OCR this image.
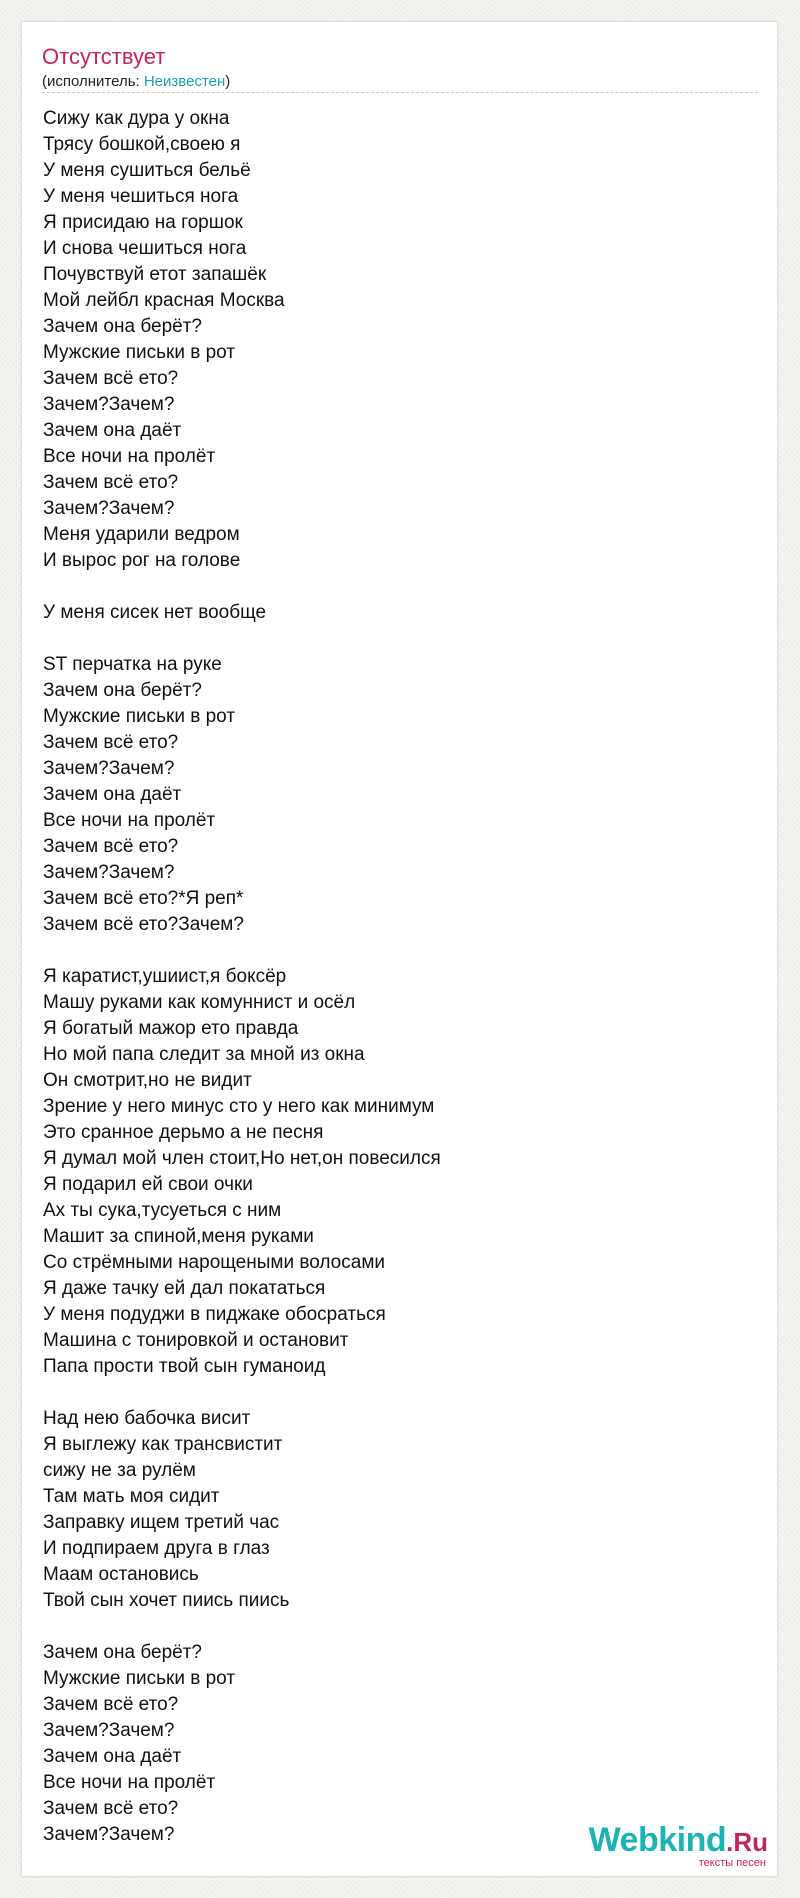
Отсутствует
(исполнитель: Неизвестен)
Сижу как дура у окна
Трясу бошкой,своею я
У меня сушиться бельё
У меня чешиться нога
Я присидаю на горшок
И снова чешиться нога
Почувствуй етот запашёк
Мой лейбл красная Москва
Зачем она берёт?
Мужские письки в рот
Зачем всё ето?
Зачем?Зачем?
Зачем она даёт
Все ночи на пролёт
Зачем всё ето?
Зачем?Зачем?
Меня ударили ведром
И вырос рог на голове
У меня сисек нет вообще
ST перчатка на руке
Зачем она берёт?
Мужские письки в рот
Зачем всё ето?
Зачем?Зачем?
Зачем она даёт
Все ночи на пролёт
Зачем всё ето?
Зачем?Зачем?
Зачем всё ето?*Я реп*
Зачем всё ето?Зачем?
Я каратист,ушиист,я боксёр
Машу руками как комуннист и осёл
Я богатый мажор ето правда
Но мой папа следит за мной из окна
Он смотрит,но не видит
Зрение у него минус сто у него как минимум
Это сранное дерьмо а не песня
Я думал мой член стоит,Но нет,он повесился
Я подарил ей свои очки
Ах ты сука,тусуеться с ним
Машит за спиной,меня руками
Со стрёмными нарощеными волосами
Я даже тачку ей дал покататься
У меня подуджи в пиджаке обосраться
Машина с тонировкой и остановит
Папа прости твой сын гуманоид
Над нею бабочка висит
Я выглежу как трансвистит
сижу не за рулём
Там мать моя сидит
Заправку ищем третий час
И подпираем друга в глаз
Маам остановись
Твой сын хочет пиись пиись
Зачем она берёт?
Мужские письки в рот
Зачем всё ето?
Зачем?Зачем?
Зачем она даёт
Все ночи на пролёт
Зачем всё ето?
Зачем?Зачем?	Webkind.Ru
тексты песен
